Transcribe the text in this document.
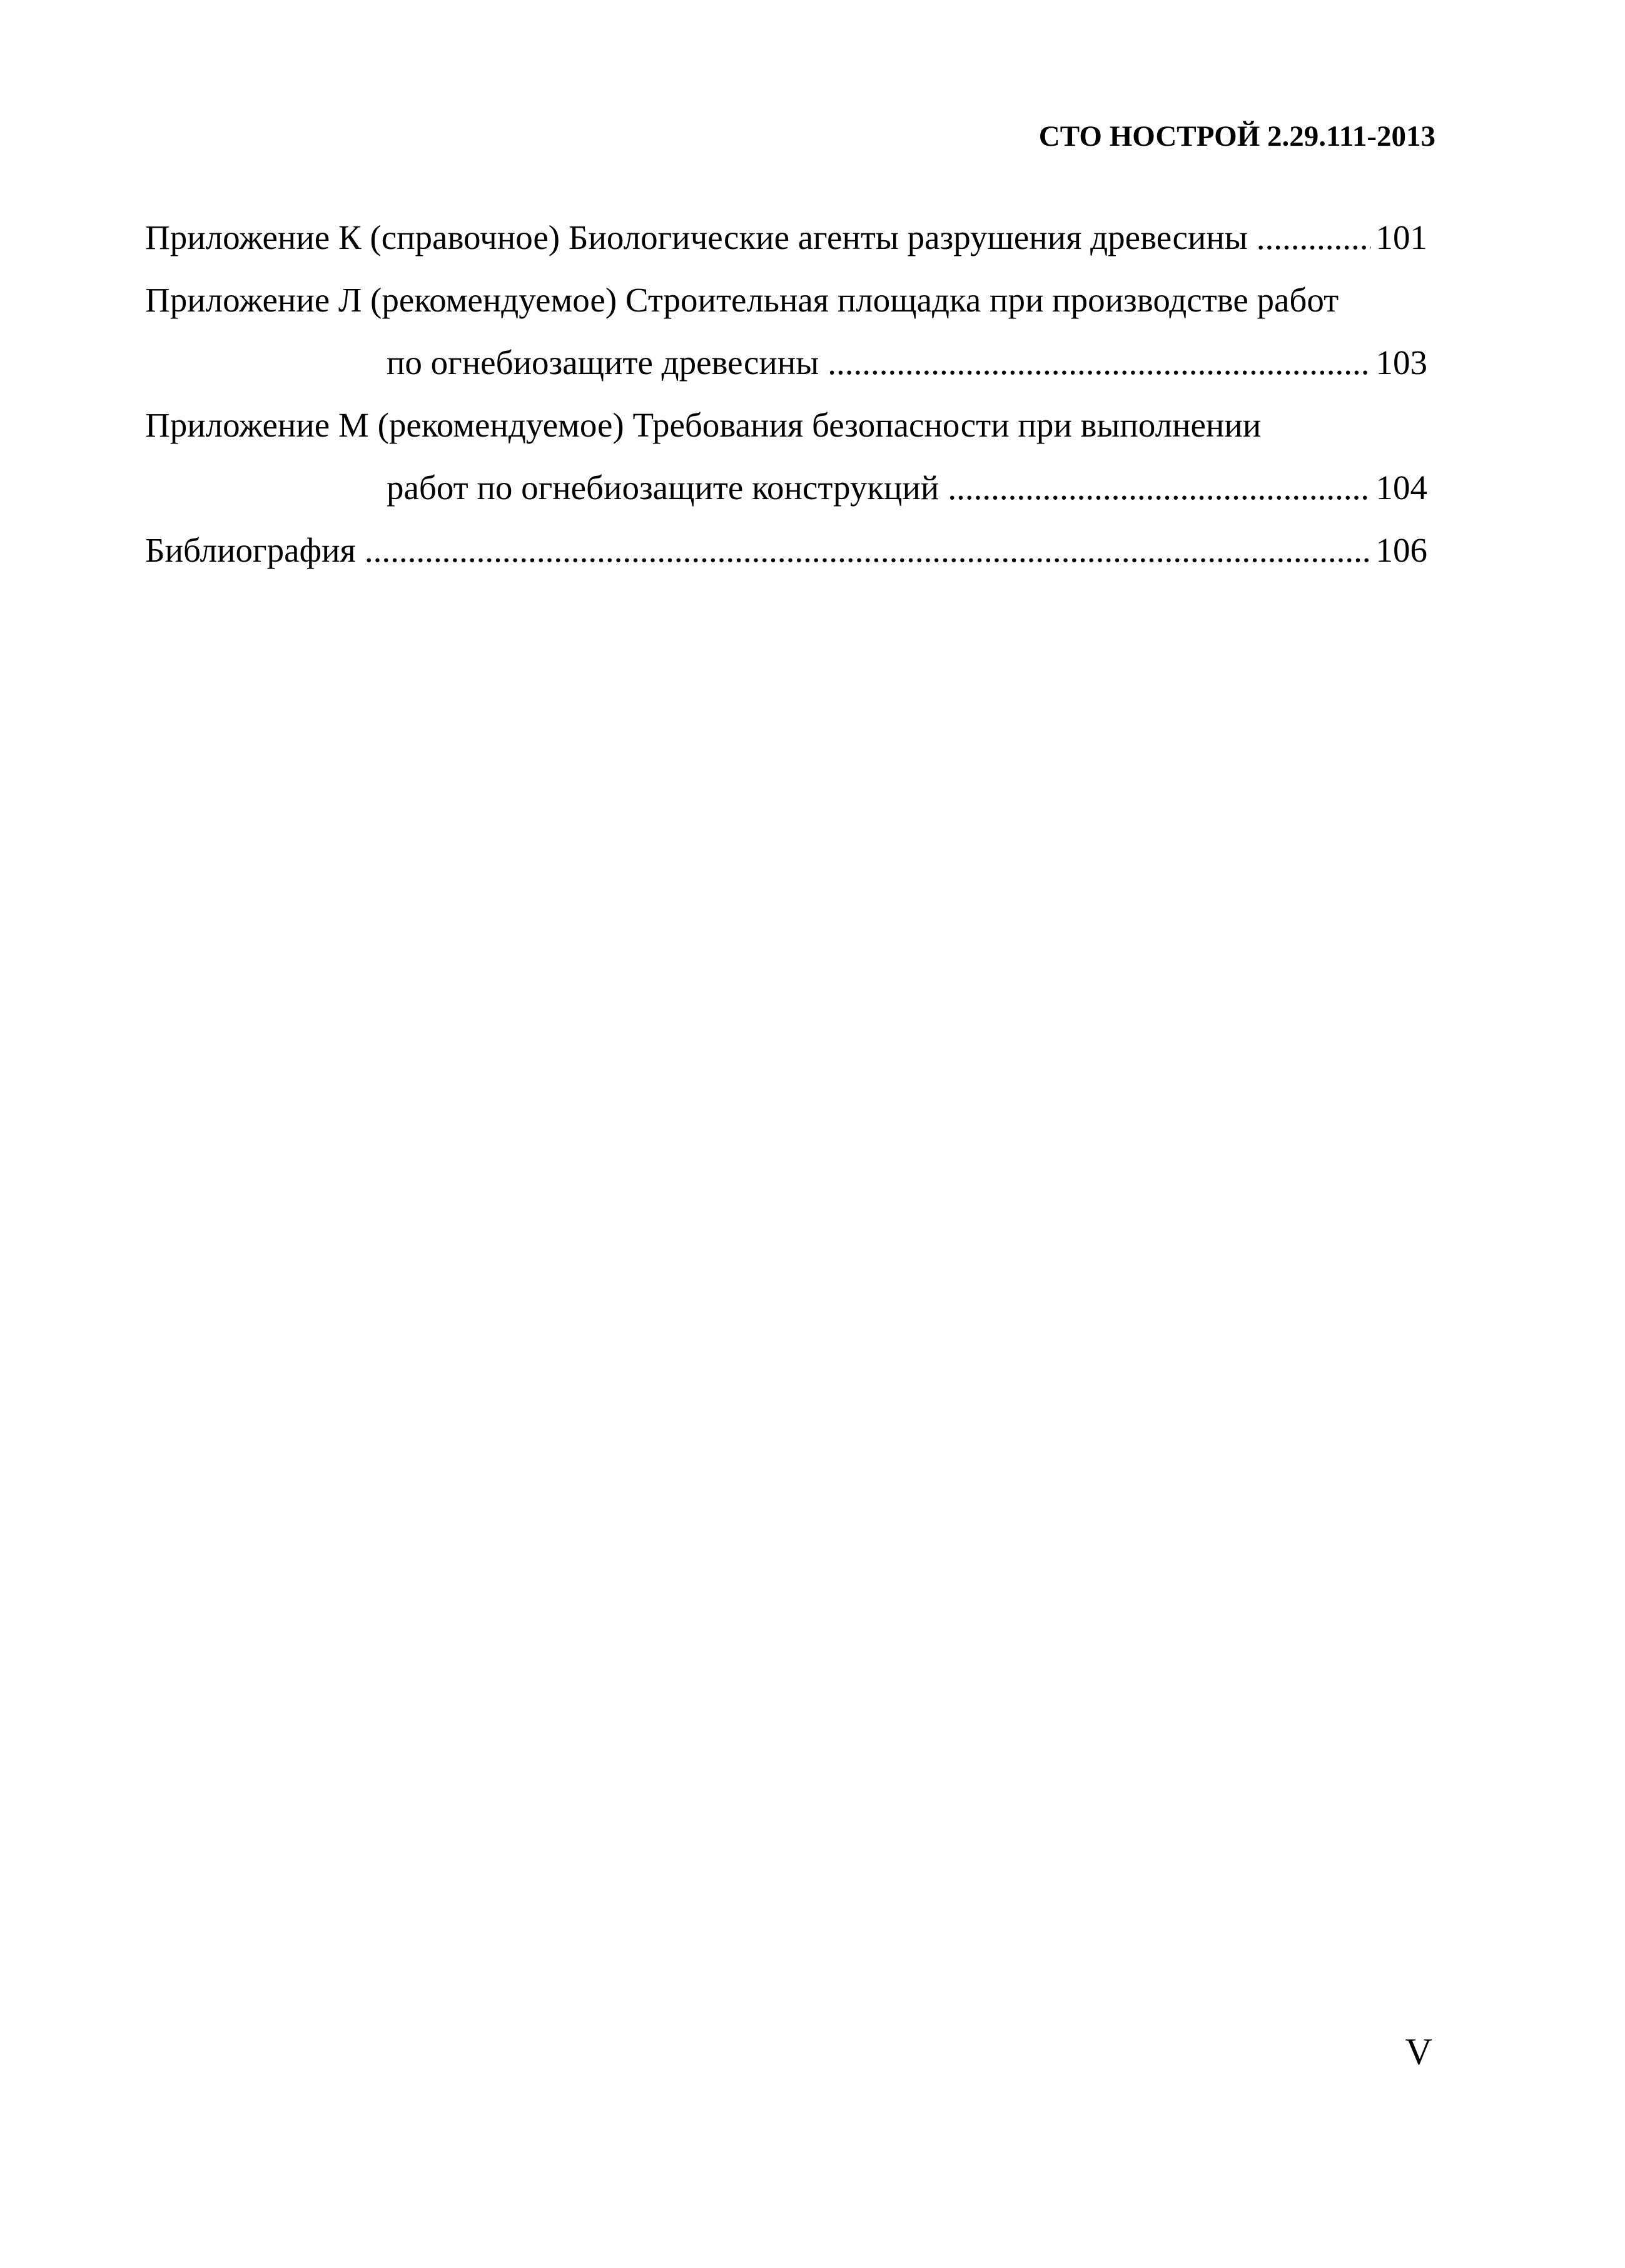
СТО НОСТРОЙ 2.29.111-2013
Приложение К (справочное) Биологические агенты разрушения древесины .....	101
Приложение Л (рекомендуемое) Строительная площадка при производстве работ
по огнебиозащите древесины .....	103
Приложение М (рекомендуемое) Требования безопасности при выполнении
работ по огнебиозащите конструкций .....	104
Библиография .....	106
V
